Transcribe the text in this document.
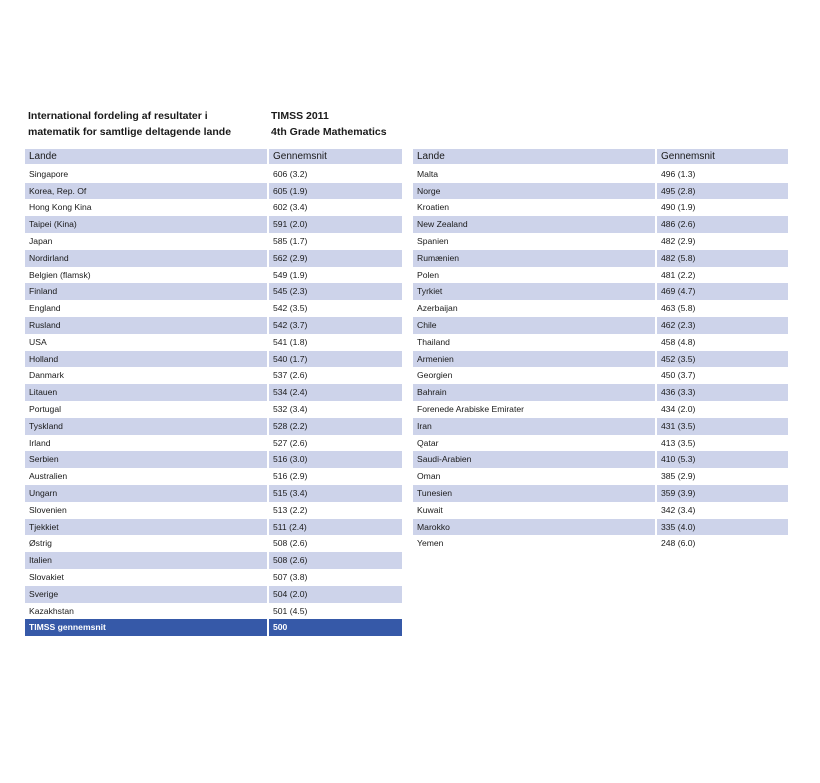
International fordeling af resultater i
matematik for samtlige deltagende lande
TIMSS 2011
4th Grade Mathematics
Lande	Gennemsnit
Singapore	606 (3.2)
Korea, Rep. Of	605 (1.9)
Hong Kong Kina	602 (3.4)
Taipei (Kina)	591 (2.0)
Japan	585 (1.7)
Nordirland	562 (2.9)
Belgien (flamsk)	549 (1.9)
Finland	545 (2.3)
England	542 (3.5)
Rusland	542 (3.7)
USA	541 (1.8)
Holland	540 (1.7)
Danmark	537 (2.6)
Litauen	534 (2.4)
Portugal	532 (3.4)
Tyskland	528 (2.2)
Irland	527 (2.6)
Serbien	516 (3.0)
Australien	516 (2.9)
Ungarn	515 (3.4)
Slovenien	513 (2.2)
Tjekkiet	511 (2.4)
Østrig	508 (2.6)
Italien	508 (2.6)
Slovakiet	507 (3.8)
Sverige	504 (2.0)
Kazakhstan	501 (4.5)
TIMSS gennemsnit	500
Lande	Gennemsnit
Malta	496 (1.3)
Norge	495 (2.8)
Kroatien	490 (1.9)
New Zealand	486 (2.6)
Spanien	482 (2.9)
Rumænien	482 (5.8)
Polen	481 (2.2)
Tyrkiet	469 (4.7)
Azerbaijan	463 (5.8)
Chile	462 (2.3)
Thailand	458 (4.8)
Armenien	452 (3.5)
Georgien	450 (3.7)
Bahrain	436 (3.3)
Forenede Arabiske Emirater	434 (2.0)
Iran	431 (3.5)
Qatar	413 (3.5)
Saudi-Arabien	410 (5.3)
Oman	385 (2.9)
Tunesien	359 (3.9)
Kuwait	342 (3.4)
Marokko	335 (4.0)
Yemen	248 (6.0)
